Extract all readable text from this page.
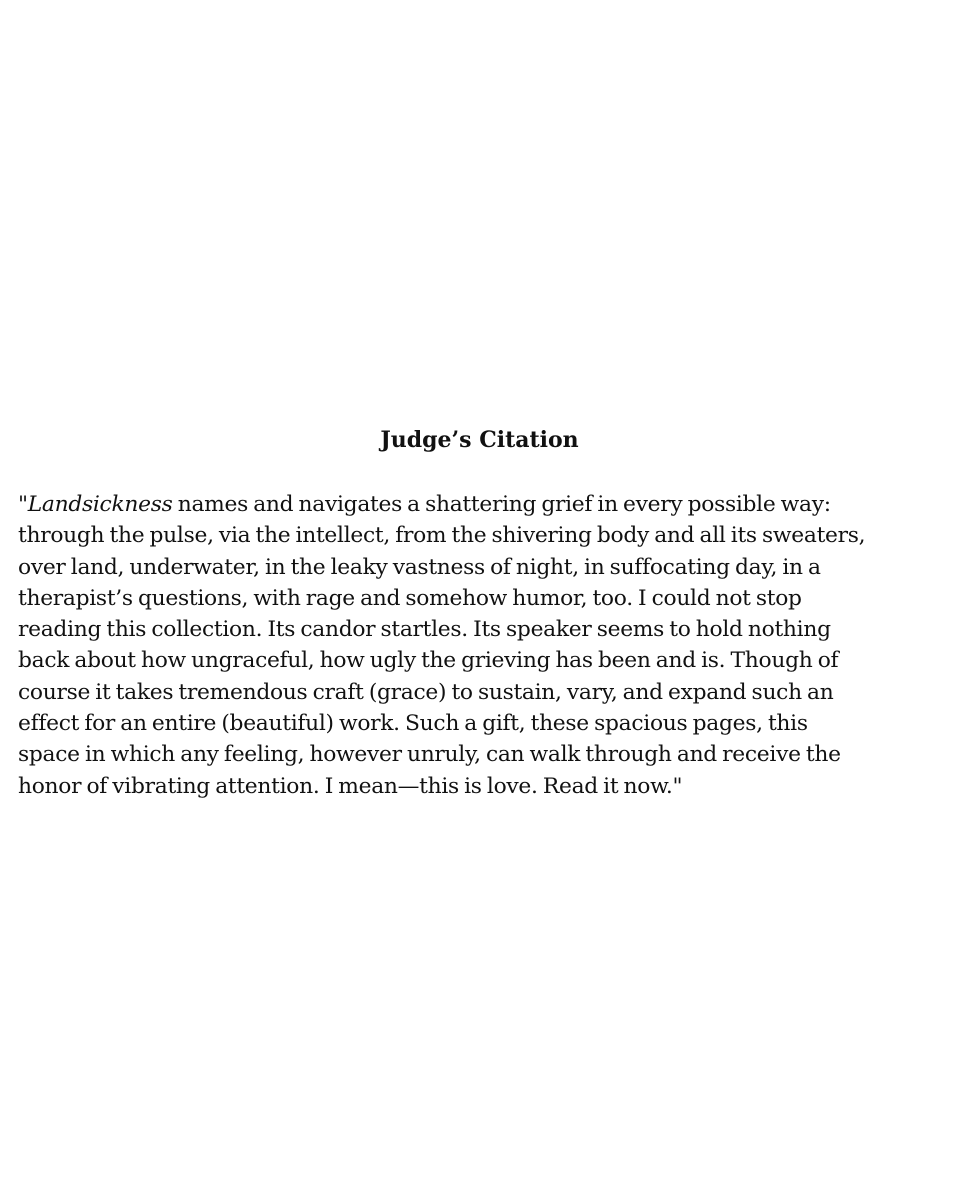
Judge’s Citation
"Landsickness names and navigates a shattering grief in every possible way:
through the pulse, via the intellect, from the shivering body and all its sweaters,
over land, underwater, in the leaky vastness of night, in suffocating day, in a
therapist’s questions, with rage and somehow humor, too. I could not stop
reading this collection. Its candor startles. Its speaker seems to hold nothing
back about how ungraceful, how ugly the grieving has been and is. Though of
course it takes tremendous craft (grace) to sustain, vary, and expand such an
effect for an entire (beautiful) work. Such a gift, these spacious pages, this
space in which any feeling, however unruly, can walk through and receive the
honor of vibrating attention. I mean—this is love. Read it now."
